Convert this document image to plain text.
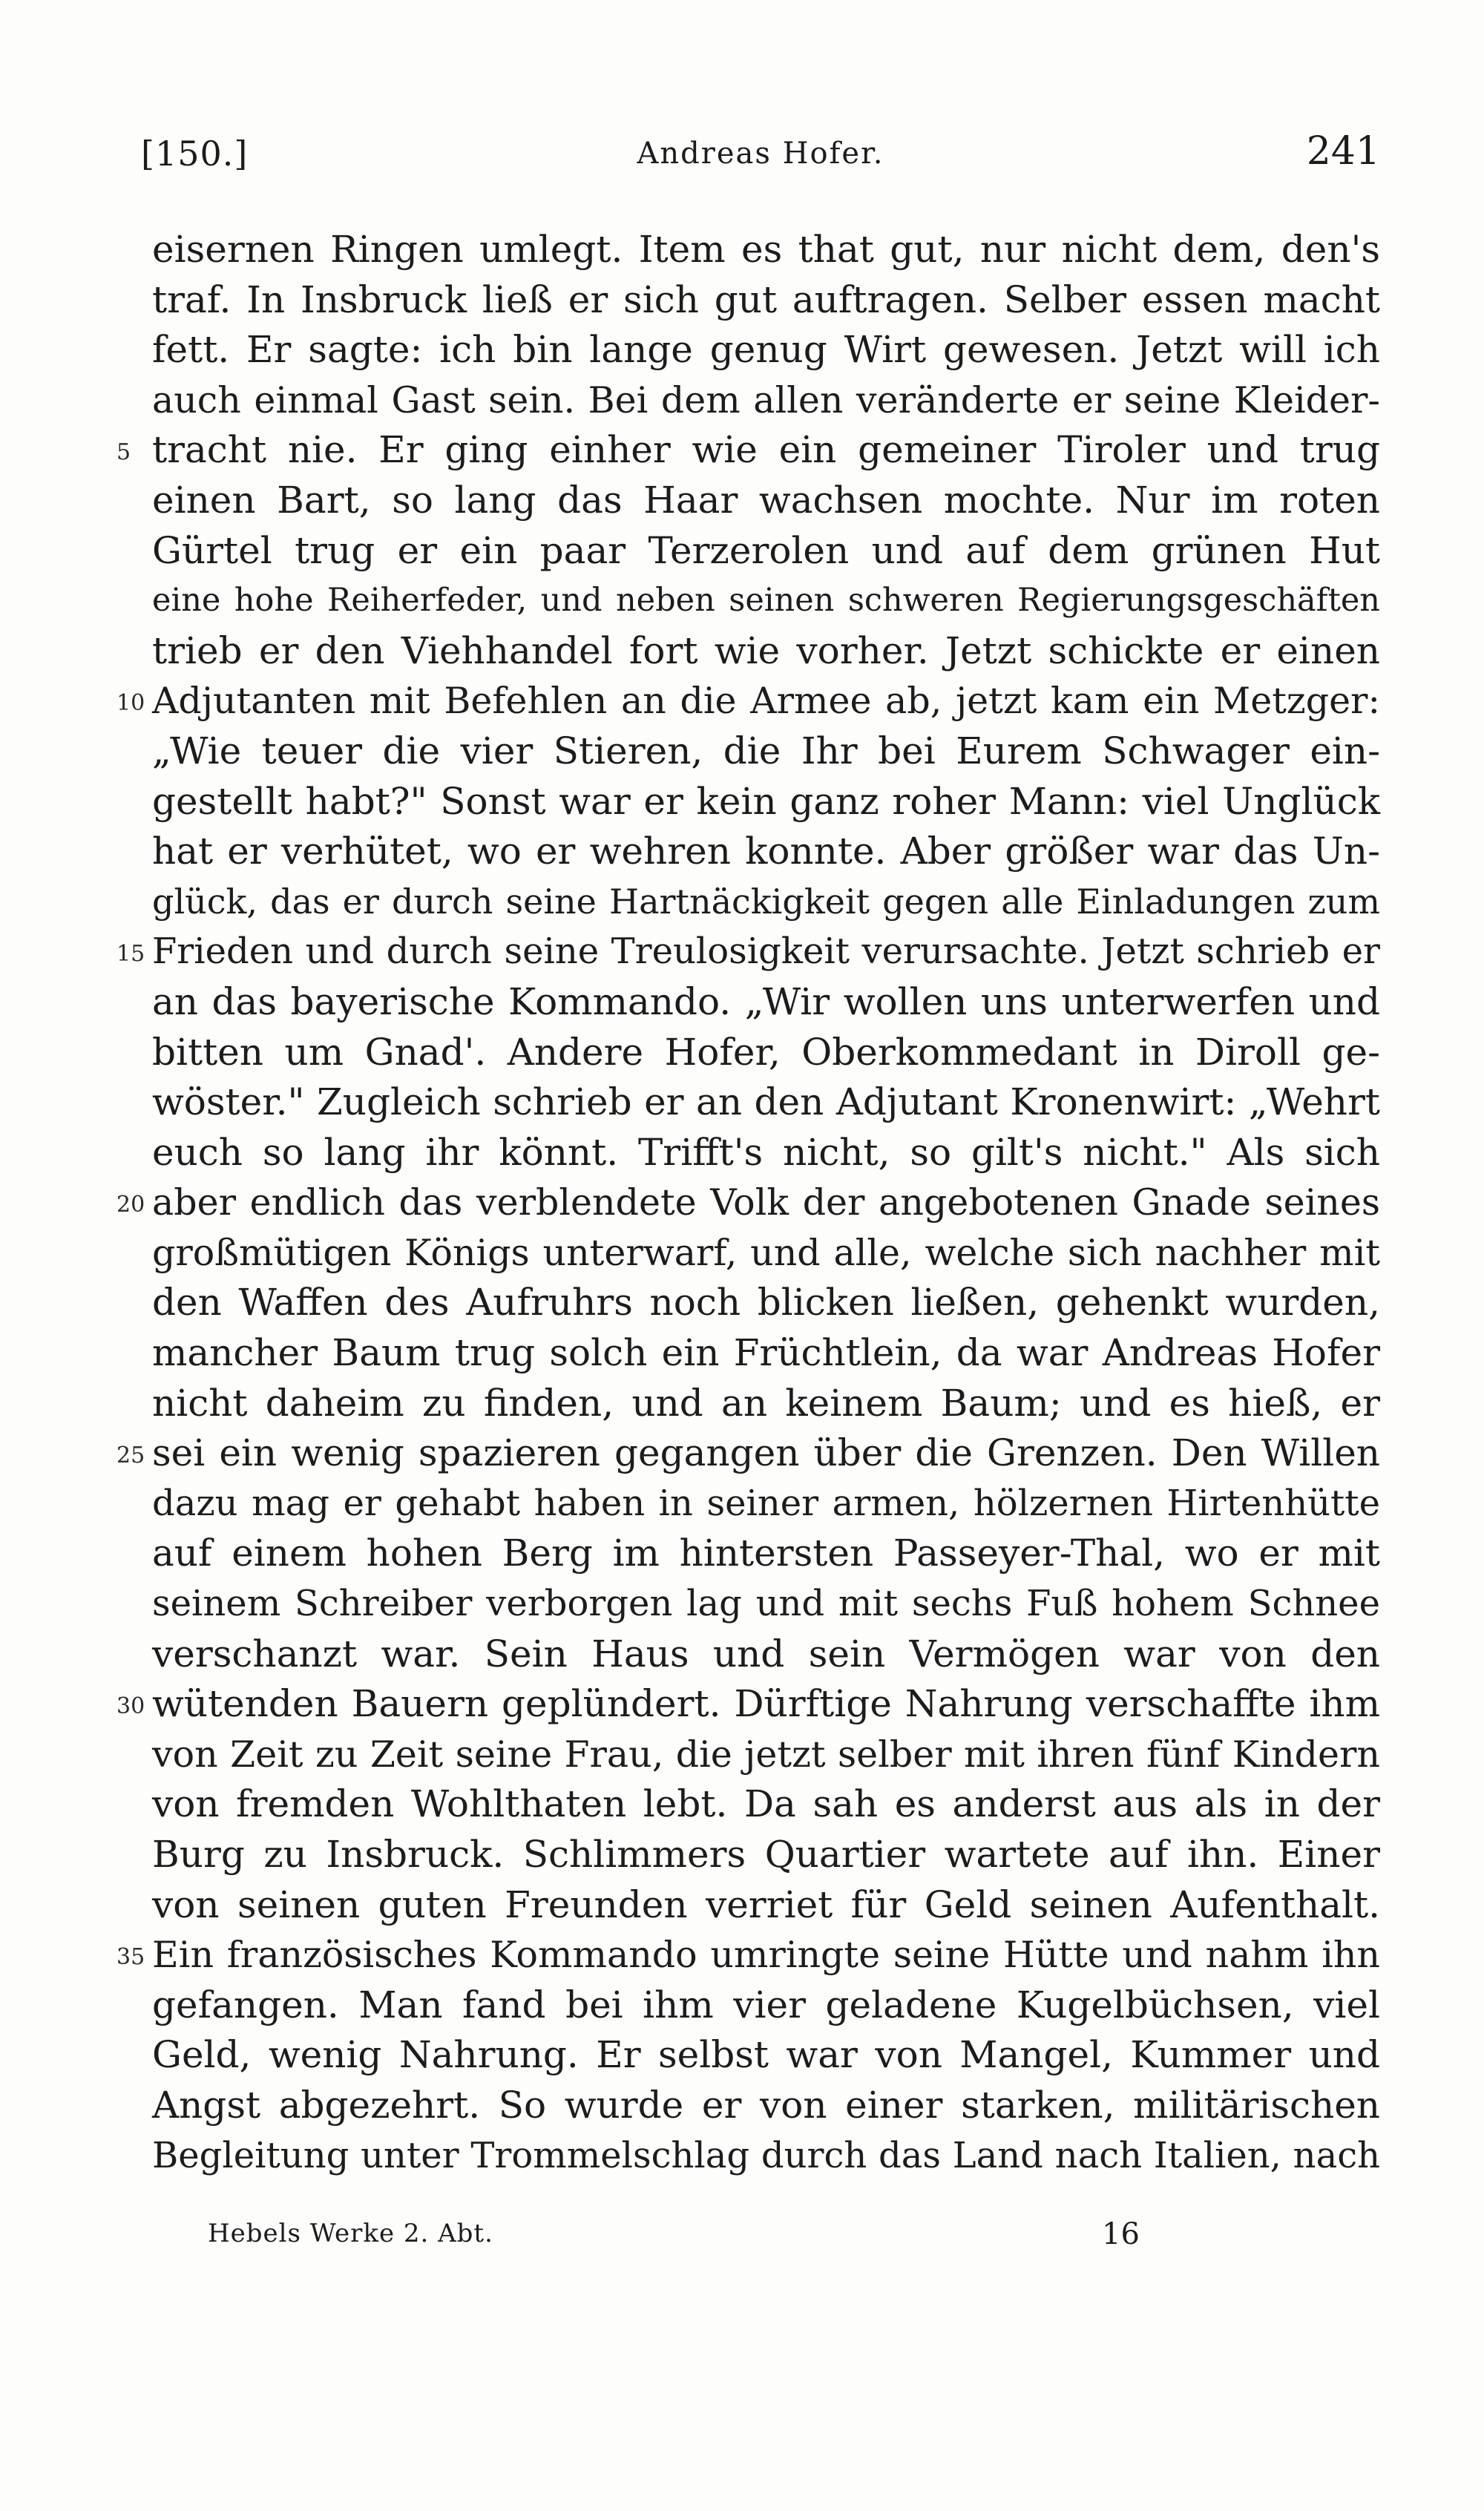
[150.]	Andreas Hofer.	241
eisernen Ringen umlegt. Item es that gut, nur nicht dem, den's
traf. In Insbruck ließ er sich gut auftragen. Selber essen macht
fett. Er sagte: ich bin lange genug Wirt gewesen. Jetzt will ich
auch einmal Gast sein. Bei dem allen veränderte er seine Kleider-
5 tracht nie. Er ging einher wie ein gemeiner Tiroler und trug
einen Bart, so lang das Haar wachsen mochte. Nur im roten
Gürtel trug er ein paar Terzerolen und auf dem grünen Hut
eine hohe Reiherfeder, und neben seinen schweren Regierungsgeschäften
trieb er den Viehhandel fort wie vorher. Jetzt schickte er einen
10 Adjutanten mit Befehlen an die Armee ab, jetzt kam ein Metzger:
„Wie teuer die vier Stieren, die Ihr bei Eurem Schwager ein-
gestellt habt?" Sonst war er kein ganz roher Mann: viel Unglück
hat er verhütet, wo er wehren konnte. Aber größer war das Un-
glück, das er durch seine Hartnäckigkeit gegen alle Einladungen zum
15 Frieden und durch seine Treulosigkeit verursachte. Jetzt schrieb er
an das bayerische Kommando. „Wir wollen uns unterwerfen und
bitten um Gnad'. Andere Hofer, Oberkommedant in Diroll ge-
wöster." Zugleich schrieb er an den Adjutant Kronenwirt: „Wehrt
euch so lang ihr könnt. Trifft's nicht, so gilt's nicht." Als sich
20 aber endlich das verblendete Volk der angebotenen Gnade seines
großmütigen Königs unterwarf, und alle, welche sich nachher mit
den Waffen des Aufruhrs noch blicken ließen, gehenkt wurden,
mancher Baum trug solch ein Früchtlein, da war Andreas Hofer
nicht daheim zu finden, und an keinem Baum; und es hieß, er
25 sei ein wenig spazieren gegangen über die Grenzen. Den Willen
dazu mag er gehabt haben in seiner armen, hölzernen Hirtenhütte
auf einem hohen Berg im hintersten Passeyer-Thal, wo er mit
seinem Schreiber verborgen lag und mit sechs Fuß hohem Schnee
verschanzt war. Sein Haus und sein Vermögen war von den
30 wütenden Bauern geplündert. Dürftige Nahrung verschaffte ihm
von Zeit zu Zeit seine Frau, die jetzt selber mit ihren fünf Kindern
von fremden Wohlthaten lebt. Da sah es anderst aus als in der
Burg zu Insbruck. Schlimmers Quartier wartete auf ihn. Einer
von seinen guten Freunden verriet für Geld seinen Aufenthalt.
35 Ein französisches Kommando umringte seine Hütte und nahm ihn
gefangen. Man fand bei ihm vier geladene Kugelbüchsen, viel
Geld, wenig Nahrung. Er selbst war von Mangel, Kummer und
Angst abgezehrt. So wurde er von einer starken, militärischen
Begleitung unter Trommelschlag durch das Land nach Italien, nach
Hebels Werke 2. Abt.	16
